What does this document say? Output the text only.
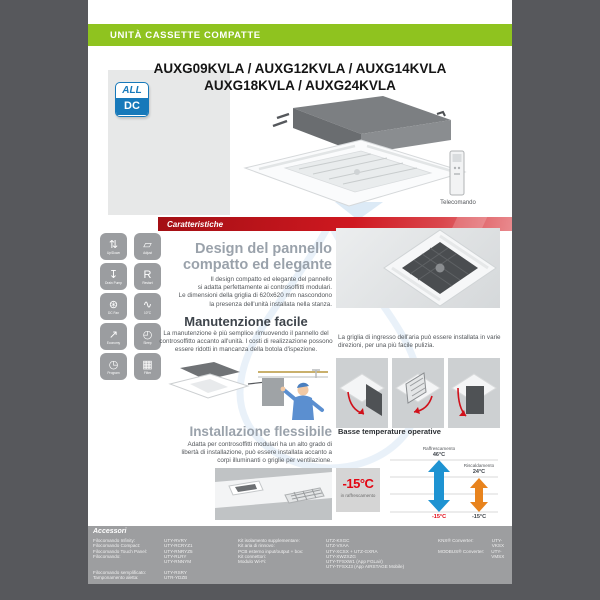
UNITÀ CASSETTE COMPATTE
AUXG09KVLA / AUXG12KVLA / AUXG14KVLA
AUXG18KVLA / AUXG24KVLA
ALL
DC
Telecomando
Caratteristiche
⇅
Up/Down
▱
Adjust
↧
Drain Pump
R
Restart
⊛
DC Fan
∿
10°C
↗
Economy
◴
Sleep
◷
Program
▦
Filter
Design del pannello
compatto ed elegante
Il design compatto ed elegante del pannello
si adatta perfettamente ai controsoffitti modulari.
Le dimensioni della griglia di 620x620 mm nascondono
la presenza dell'unità installata nella stanza.
Manutenzione facile
La manutenzione è più semplice rimuovendo il pannello del
controsoffitto accanto all'unità. I costi di realizzazione possono
essere ridotti in mancanza della botola d'ispezione.
La griglia di ingresso dell'aria può essere installata in varie
direzioni, per una più facile pulizia.
Installazione flessibile
Adatta per controsoffitti modulari ha un alto grado di
libertà di installazione, può essere installata accanto a
corpi illuminanti o griglie per ventilazione.
Basse temperature operative
-15°C
in raffrescamento
Raffrescamento
46°C
-15°C
Riscaldamento
24°C
-15°C
Accessori
Filocomando Infinity:	UTY-RVRY
Filocomando Compact:	UTY-RCRYZ1
Filocomando Touch Panel:	UTY-RNRYZ5
Filocomando:	UTY-RLRY
UTY-RNNYM
Filocomando semplificato:	UTY-RSRY
Tamponamento aletta:	UTR-YDZB
Kit isolamento supplementare:	UTZ-KXGC
Kit aria di rinnovo:	UTZ-VXAA
PCB esterno input/output + box:	UTY-XCSX + UTZ-GXRA
Kit connettori:	UTY-XWZXZG
Modulo Wi-Fi:	UTY-TFSXW1 (App FGLair)
UTY-TFSXJ3 (App AIRSTAGE Mobile)
KNX® Converter:	UTY-VKSX
MODBUS® Converter:	UTY-VMSX
